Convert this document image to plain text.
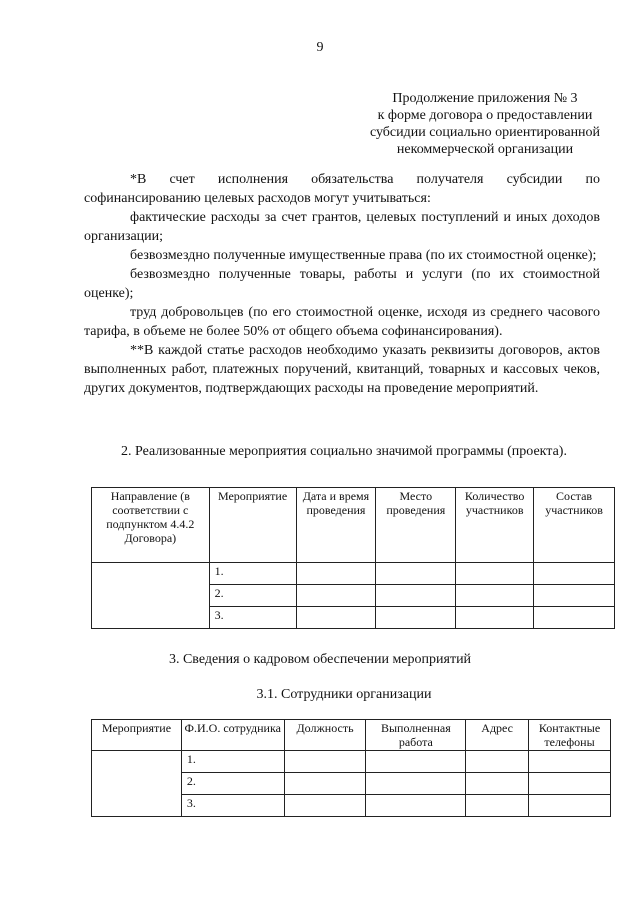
9
Продолжение приложения № 3
к форме договора о предоставлении
субсидии социально ориентированной
некоммерческой организации

*В счет исполнения обязательства получателя субсидии по софинансированию целевых расходов могут учитываться:

фактические расходы за счет грантов, целевых поступлений и иных доходов организации;

безвозмездно полученные имущественные права (по их стоимостной оценке);

безвозмездно полученные товары, работы и услуги (по их стоимостной оценке);

труд добровольцев (по его стоимостной оценке, исходя из среднего часового тарифа, в объеме не более 50% от общего объема софинансирования).

**В каждой статье расходов необходимо указать реквизиты договоров, актов выполненных работ, платежных поручений, квитанций, товарных и кассовых чеков, других документов, подтверждающих расходы на проведение мероприятий.

2. Реализованные мероприятия социально значимой программы (проекта).
Направление (в соответствии с подпунктом 4.4.2 Договора)	Мероприятие	Дата и время проведения	Место проведения	Количество участников	Состав участников
	1.				
	2.				
	3.				
3. Сведения о кадровом обеспечении мероприятий
3.1. Сотрудники организации
Мероприятие	Ф.И.О. сотрудника	Должность	Выполненная работа	Адрес	Контактные телефоны
	1.				
	2.				
	3.				
